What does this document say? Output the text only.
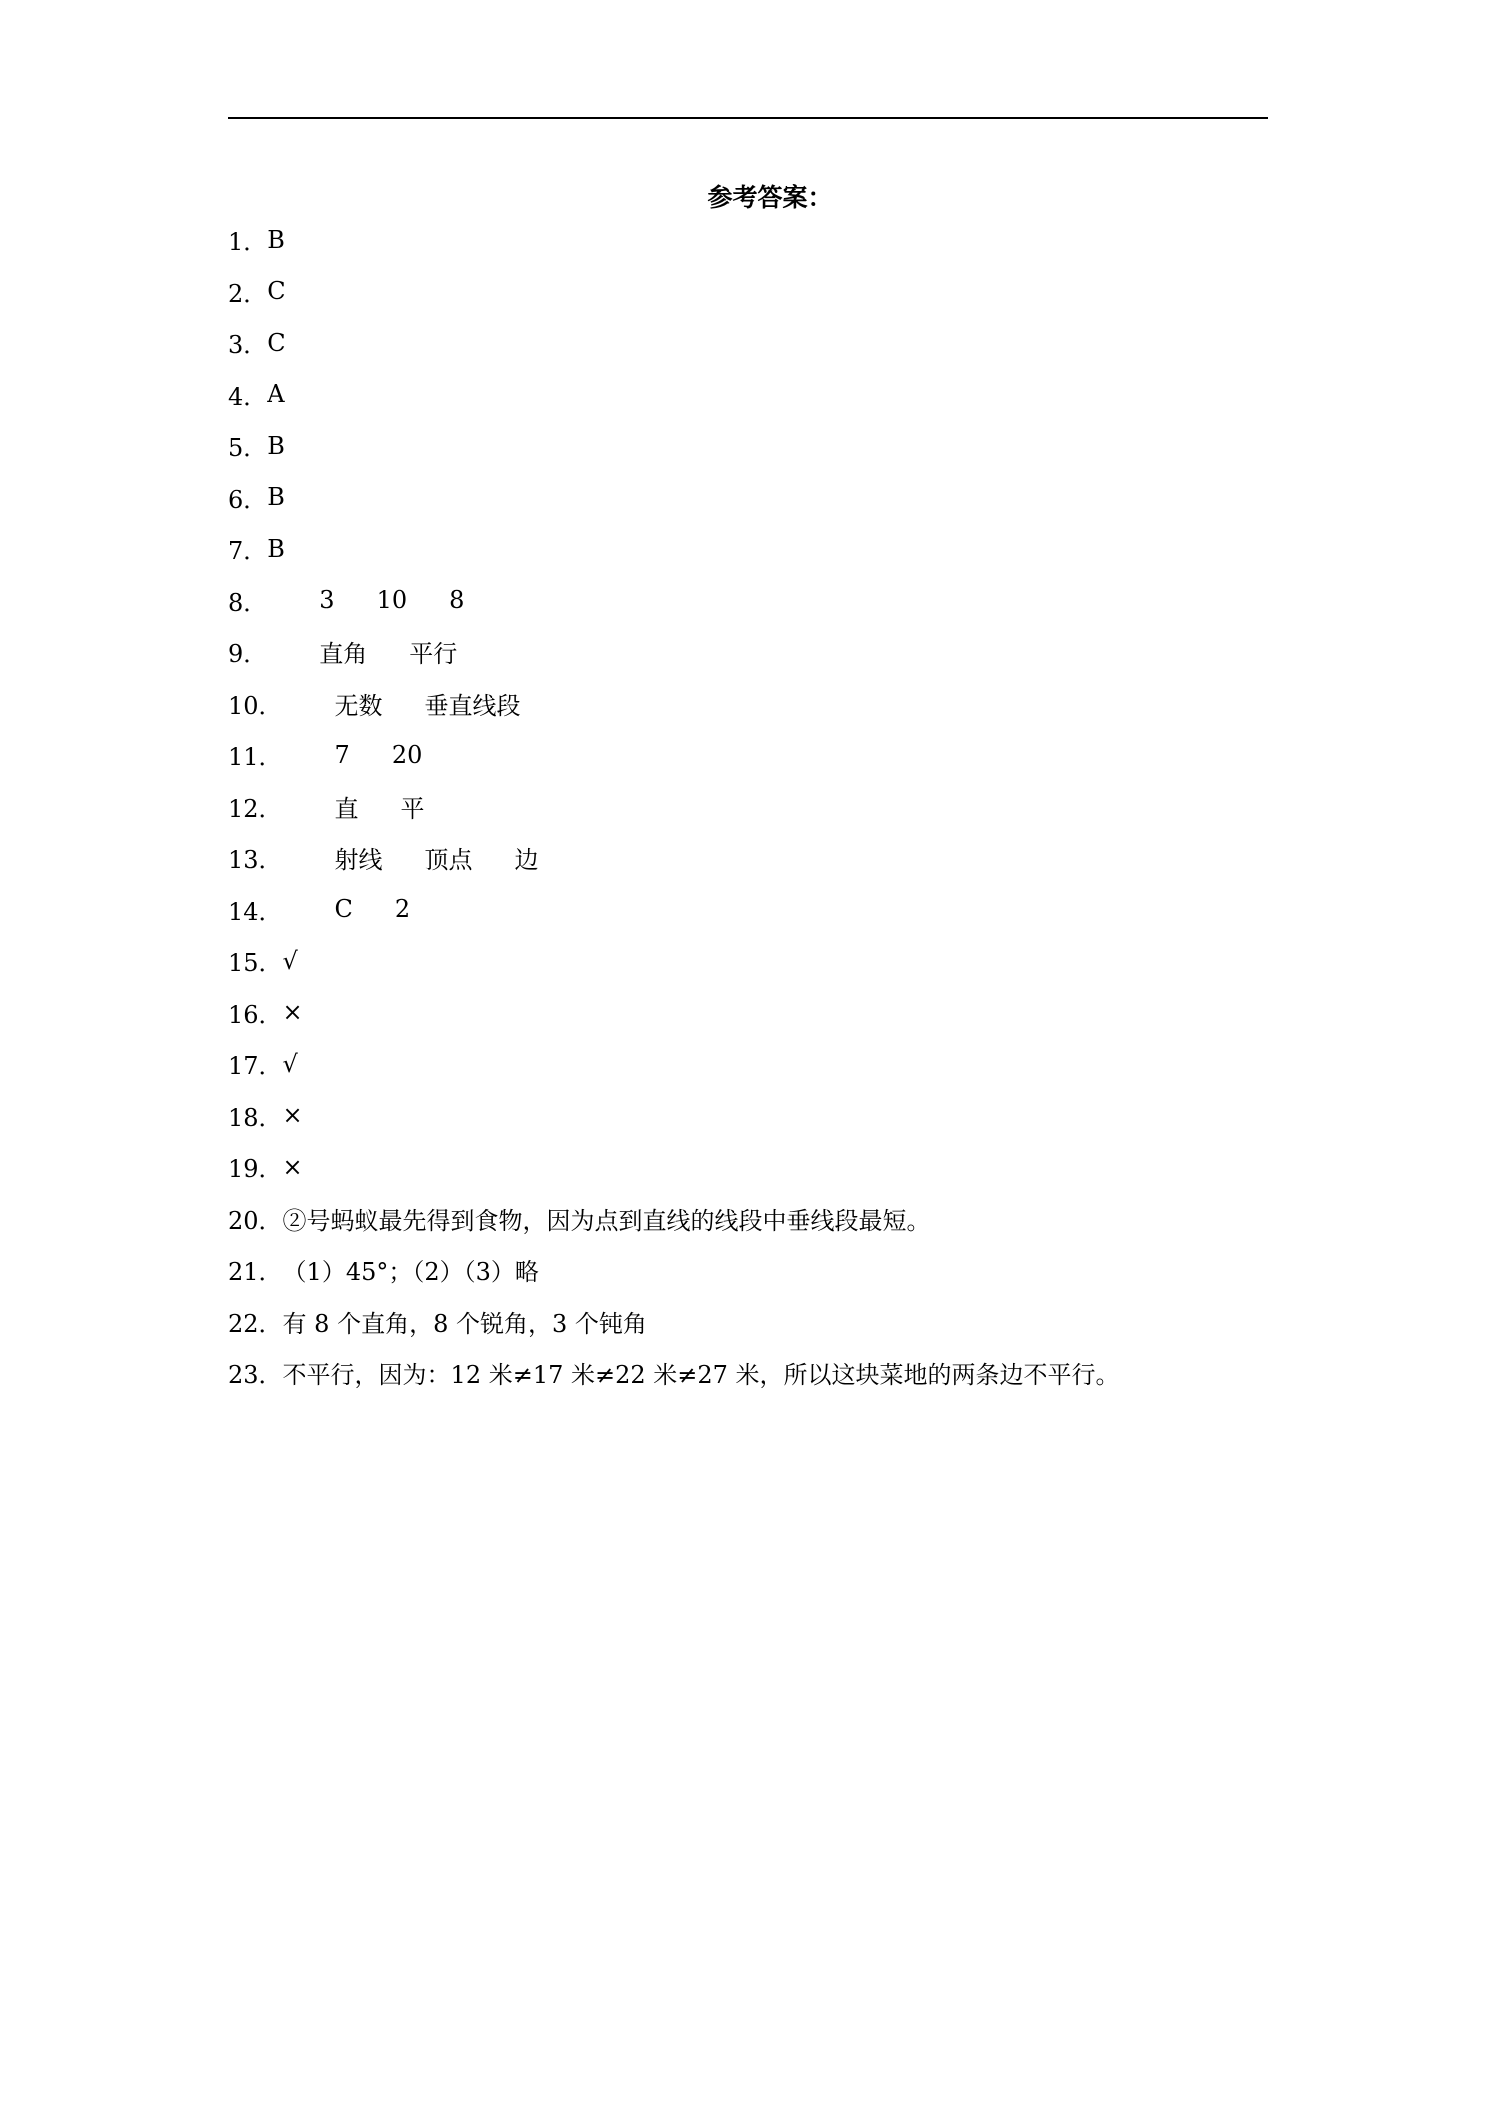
参考答案：
1． B
2． C
3． C
4． A
5． B
6． B
7． B
8． 3 10 8
9． 直角 平行
10． 无数 垂直线段
11． 7 20
12． 直 平
13． 射线 顶点 边
14． C 2
15． √
16． ×
17． √
18． ×
19． ×
20． ②号蚂蚁最先得到食物，因为点到直线的线段中垂线段最短。
21． （1）45°；（2）（3）略
22． 有 8 个直角，8 个锐角，3 个钝角
23． 不平行，因为：12 米≠17 米≠22 米≠27 米，所以这块菜地的两条边不平行。
